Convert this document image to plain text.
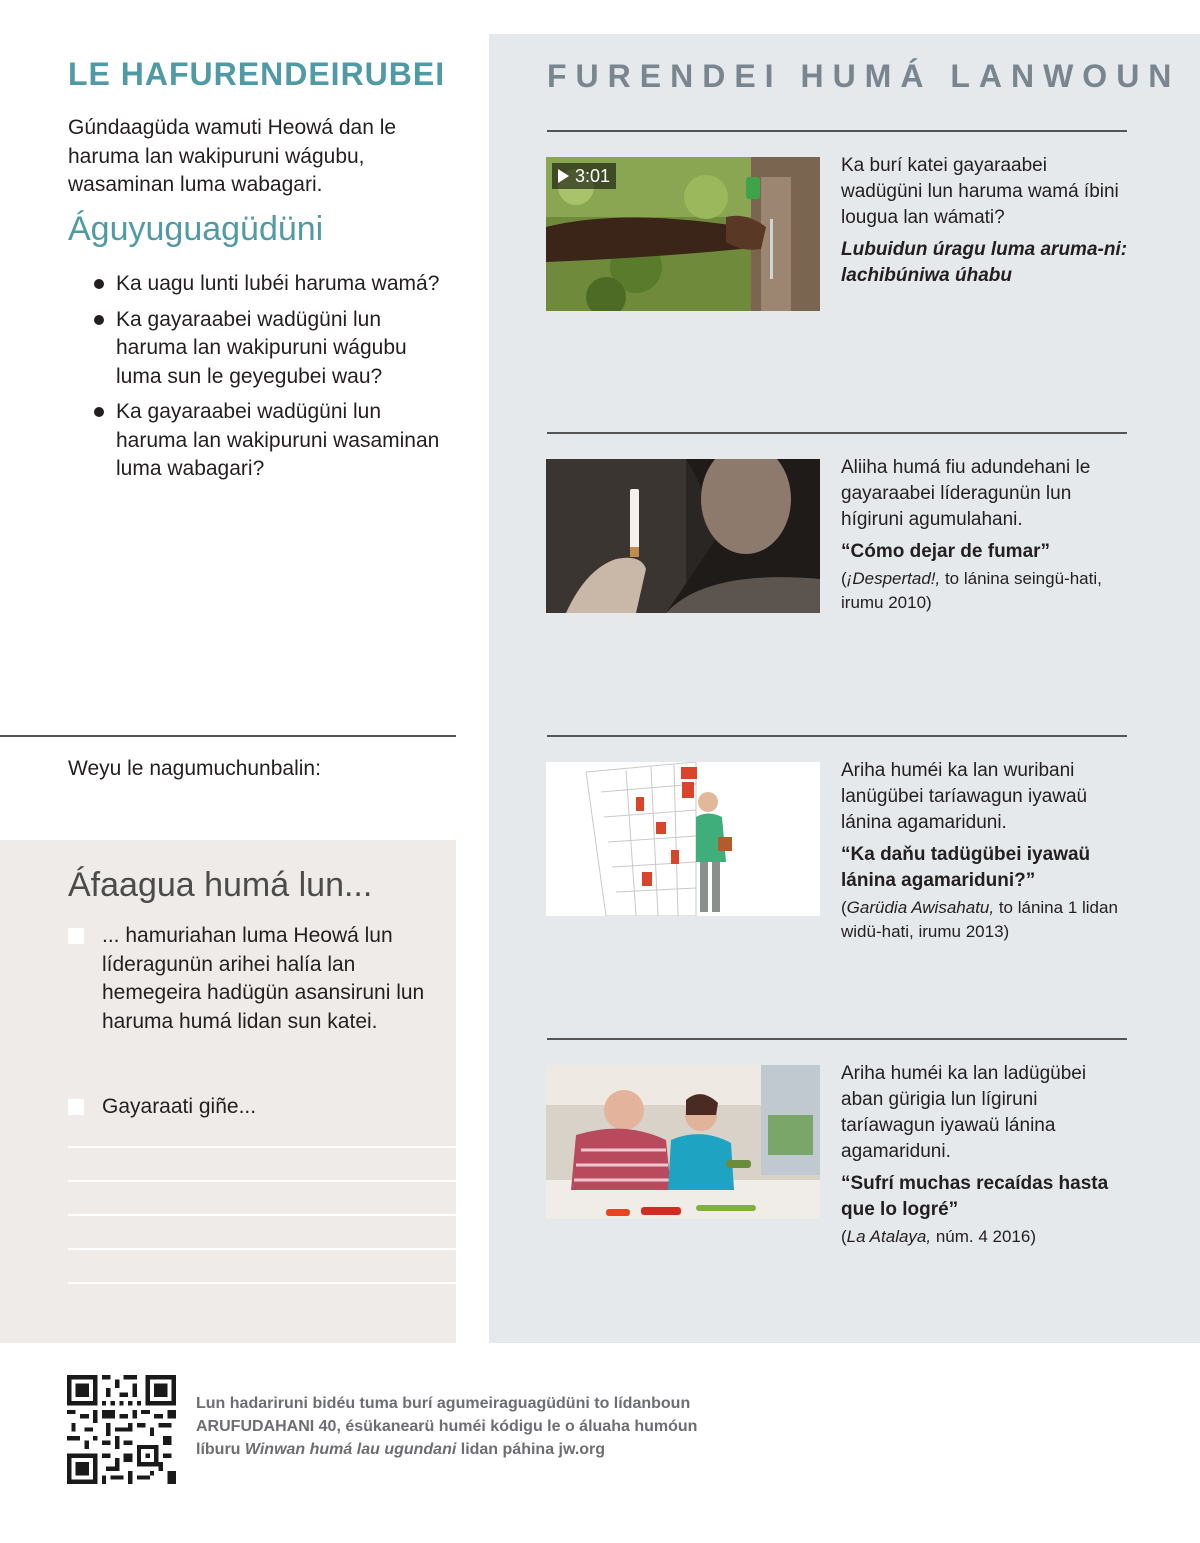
LE HAFURENDEIRUBEI
Gúndaagüda wamuti Heowá dan le haruma lan wakipuruni wágubu, wasaminan luma wabagari.
Águyuguagüdüni
Ka uagu lunti lubéi haruma wamá?
Ka gayaraabei wadügüni lun haruma lan wakipuruni wágubu luma sun le geyegubei wau?
Ka gayaraabei wadügüni lun haruma lan wakipuruni wasaminan luma wabagari?
Weyu le nagumuchunbalin:
Áfaagua humá lun...
... hamuriahan luma Heowá lun líderagunün arihei halía lan hemegeira hadügün asansiruni lun haruma humá lidan sun katei.
Gayaraati giñe...
FURENDEI HUMÁ LANWOUN
3:01	Ka burí katei gayaraabei wadügüni lun haruma wamá íbini lougua lan wámati?
Lubuidun úragu luma aruma-ni: lachibúniwa úhabu
Aliiha humá fiu adundehani le gayaraabei líderagunün lun hígiruni agumulahani.
“Cómo dejar de fumar”
(¡Despertad!, to lánina seingü-hati, irumu 2010)
Ariha huméi ka lan wuribani lanügübei taríawagun iyawaü lánina agamariduni.
“Ka daňu tadügübei iyawaü lánina agamariduni?”
(Garüdia Awisahatu, to lánina 1 lidan widü-hati, irumu 2013)
Ariha huméi ka lan ladügübei aban gürigia lun lígiruni taríawagun iyawaü lánina agamariduni.
“Sufrí muchas recaídas hasta que lo logré”
(La Atalaya, núm. 4 2016)
Lun hadariruni bidéu tuma burí agumeiraguagüdüni to lídanboun ARUFUDAHANI 40, ésükanearü huméi kódigu le o áluaha humóun líburu Winwan humá lau ugundani lidan páhina jw.org
